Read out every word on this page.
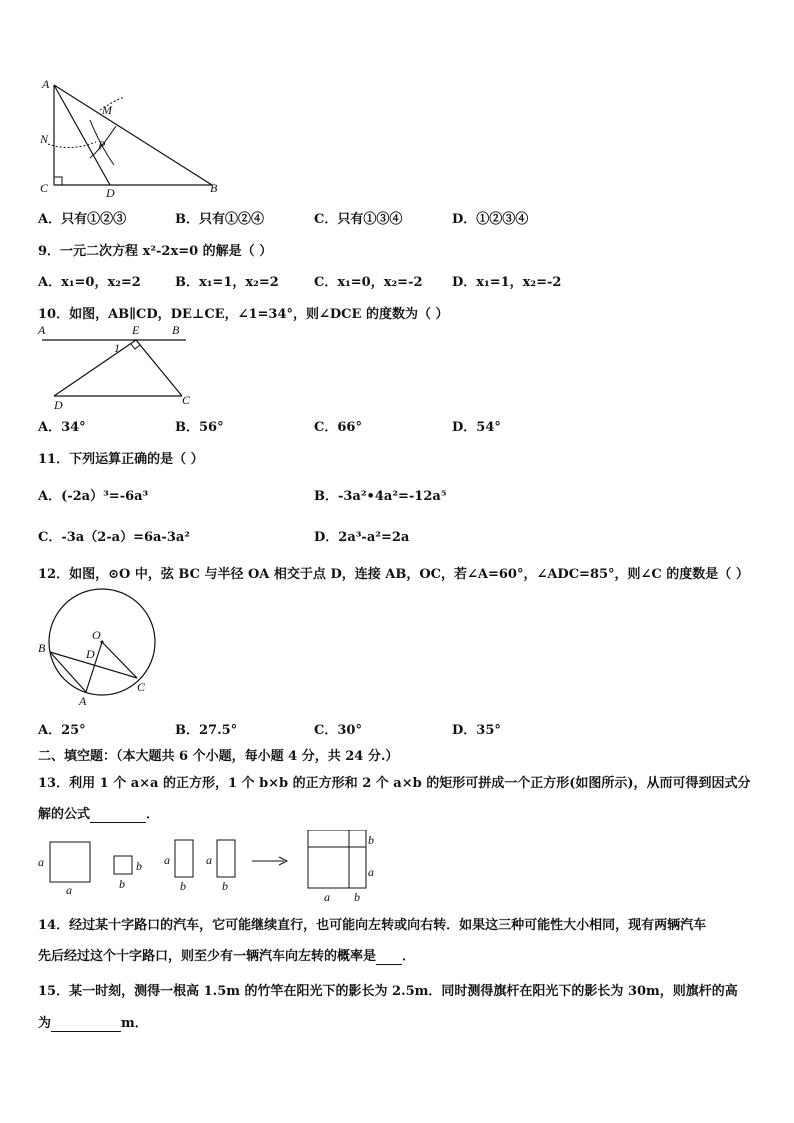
A
M
N	P
C	D	B
A．只有①②③	B．只有①②④	C．只有①③④	D．①②③④
9．一元二次方程 x²-2x=0 的解是（ ）
A．x₁=0，x₂=2	B．x₁=1，x₂=2	C．x₁=0，x₂=-2 D．x₁=1，x₂=-2
10．如图，AB∥CD，DE⊥CE，∠1=34°，则∠DCE 的度数为（ ）
A	E	B
1
D	C
A．34°	B．56°	C．66°	D．54°
11．下列运算正确的是（ ）
A．(-2a）³=-6a³	B．-3a²•4a²=-12a⁵
C．-3a（2-a）=6a-3a²	D．2a³-a²=2a
12．如图，⊙O 中，弦 BC 与半径 OA 相交于点 D，连接 AB，OC，若∠A=60°，∠ADC=85°，则∠C 的度数是（ ）
O
D
B
A
C
A．25°	B．27.5°	C．30°	D．35°
二、填空题：（本大题共 6 个小题，每小题 4 分，共 24 分.）
13．利用 1 个 a×a 的正方形，1 个 b×b 的正方形和 2 个 a×b 的矩形可拼成一个正方形(如图所示)，从而可得到因式分
解的公式	．
a
a
b
b
a
b
a
b
b
a
a b
14．经过某十字路口的汽车，它可能继续直行，也可能向左转或向右转．如果这三种可能性大小相同，现有两辆汽车
先后经过这个十字路口，则至少有一辆汽车向左转的概率是 ．
15．某一时刻，测得一根高 1.5m 的竹竿在阳光下的影长为 2.5m．同时测得旗杆在阳光下的影长为 30m，则旗杆的高
为	m．
